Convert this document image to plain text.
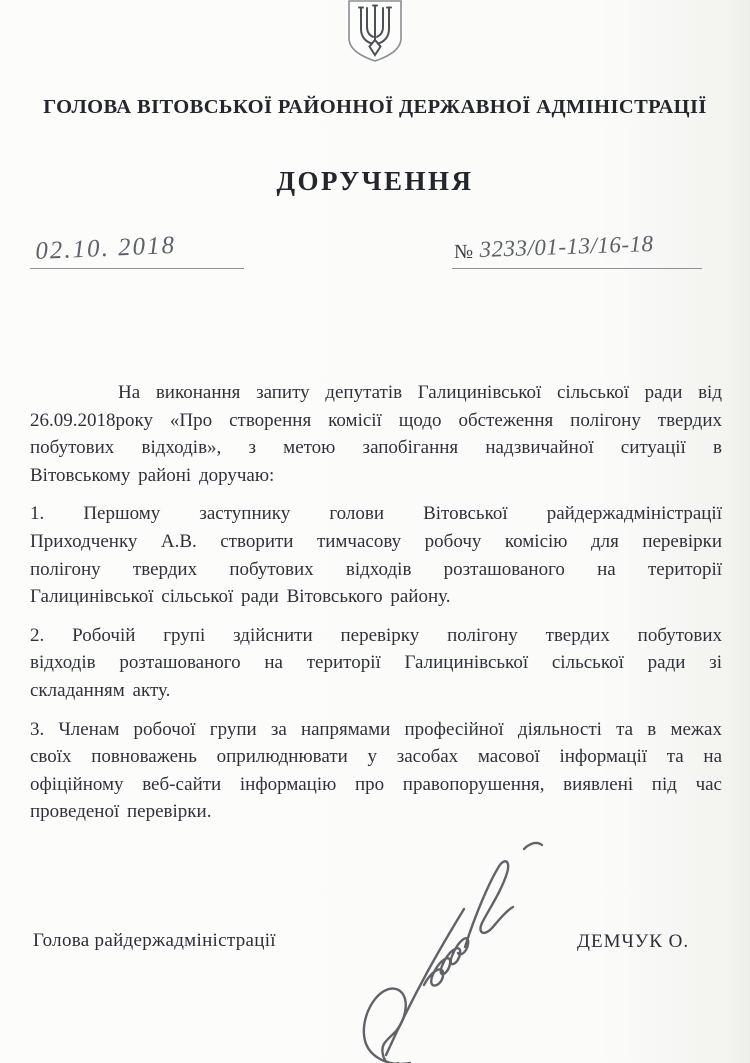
ГОЛОВА ВІТОВСЬКОЇ РАЙОННОЇ ДЕРЖАВНОЇ АДМІНІСТРАЦІЇ
ДОРУЧЕННЯ
02.10. 2018	№ 3233/01-13/16-18
На виконання запиту депутатів Галицинівської сільської ради від
26.09.2018року «Про створення комісії щодо обстеження полігону твердих
побутових відходів», з метою запобігання надзвичайної ситуації в
Вітовському районі доручаю:
1. Першому заступнику голови Вітовської райдержадміністрації
Приходченку А.В. створити тимчасову робочу комісію для перевірки
полігону твердих побутових відходів розташованого на території
Галицинівської сільської ради Вітовського району.
2. Робочій групі здійснити перевірку полігону твердих побутових
відходів розташованого на території Галицинівської сільської ради зі
складанням акту.
3. Членам робочої групи за напрямами професійної діяльності та в межах
своїх повноважень оприлюднювати у засобах масової інформації та на
офіційному веб-сайти інформацію про правопорушення, виявлені під час
проведеної перевірки.
Голова райдержадміністрації	ДЕМЧУК О.
